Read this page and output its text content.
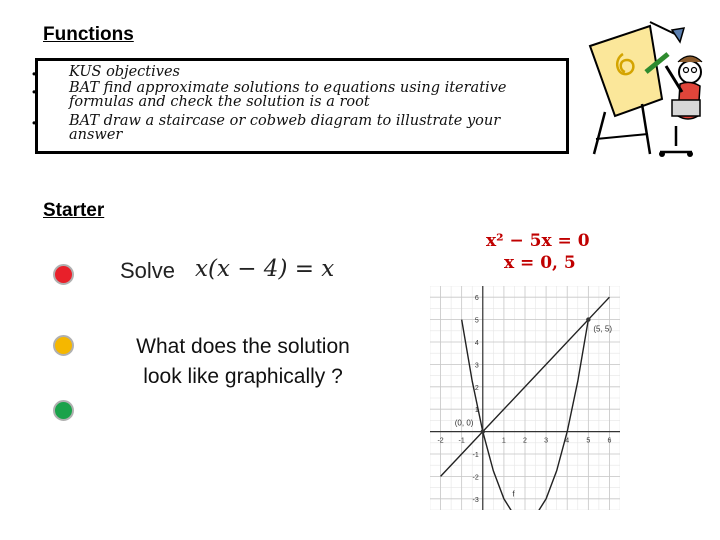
Functions
•
•
•
KUS objectives
BAT find approximate solutions to equations using iterative
formulas and check the solution is a root
BAT draw a staircase or cobweb diagram to illustrate your
answer
Starter
Solve x(x − 4) = x
What does the solution
look like graphically ?
x² − 5x = 0
x = 0, 5
-2 -1	1 2 3 4 5 6
6
5
4
3
2
1
-1
-2
-3
(0, 0)
(5, 5)
f
